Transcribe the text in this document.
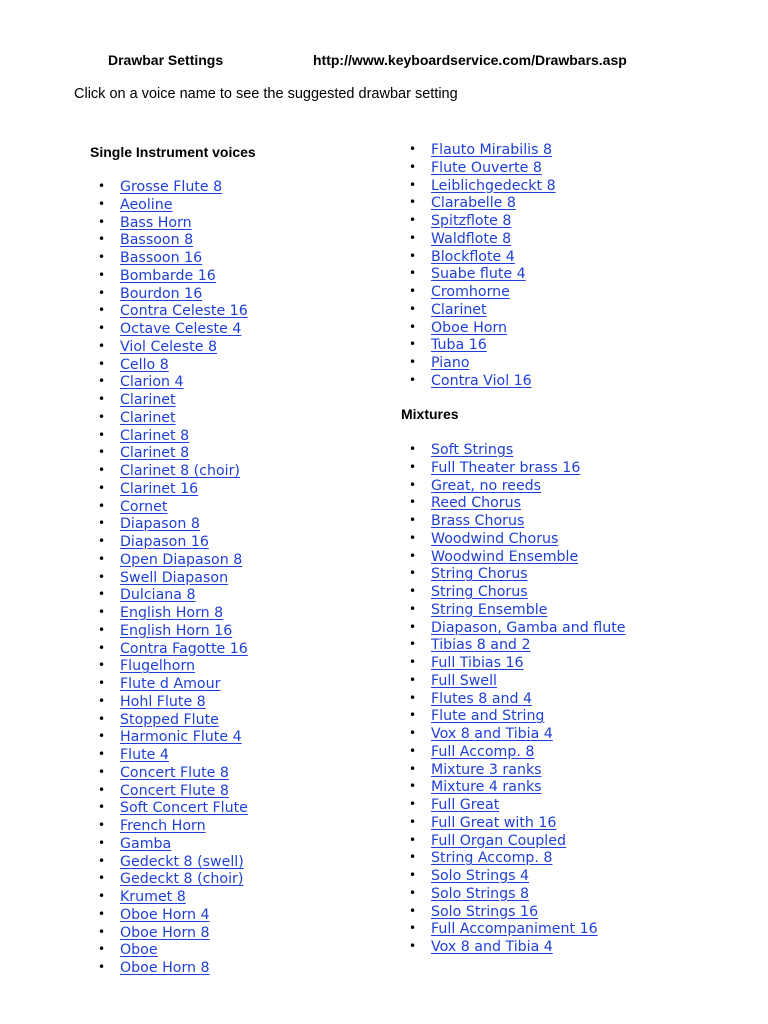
Drawbar Settings	http://www.keyboardservice.com/Drawbars.asp
Click on a voice name to see the suggested drawbar setting
Single Instrument voices
• Grosse Flute 8
• Aeoline
• Bass Horn
• Bassoon 8
• Bassoon 16
• Bombarde 16
• Bourdon 16
• Contra Celeste 16
• Octave Celeste 4
• Viol Celeste 8
• Cello 8
• Clarion 4
• Clarinet
• Clarinet
• Clarinet 8
• Clarinet 8
• Clarinet 8 (choir)
• Clarinet 16
• Cornet
• Diapason 8
• Diapason 16
• Open Diapason 8
• Swell Diapason
• Dulciana 8
• English Horn 8
• English Horn 16
• Contra Fagotte 16
• Flugelhorn
• Flute d Amour
• Hohl Flute 8
• Stopped Flute
• Harmonic Flute 4
• Flute 4
• Concert Flute 8
• Concert Flute 8
• Soft Concert Flute
• French Horn
• Gamba
• Gedeckt 8 (swell)
• Gedeckt 8 (choir)
• Krumet 8
• Oboe Horn 4
• Oboe Horn 8
• Oboe
• Oboe Horn 8
• Flauto Mirabilis 8
• Flute Ouverte 8
• Leiblichgedeckt 8
• Clarabelle 8
• Spitzflote 8
• Waldflote 8
• Blockflote 4
• Suabe flute 4
• Cromhorne
• Clarinet
• Oboe Horn
• Tuba 16
• Piano
• Contra Viol 16
Mixtures
• Soft Strings
• Full Theater brass 16
• Great, no reeds
• Reed Chorus
• Brass Chorus
• Woodwind Chorus
• Woodwind Ensemble
• String Chorus
• String Chorus
• String Ensemble
• Diapason, Gamba and flute
• Tibias 8 and 2
• Full Tibias 16
• Full Swell
• Flutes 8 and 4
• Flute and String
• Vox 8 and Tibia 4
• Full Accomp. 8
• Mixture 3 ranks
• Mixture 4 ranks
• Full Great
• Full Great with 16
• Full Organ Coupled
• String Accomp. 8
• Solo Strings 4
• Solo Strings 8
• Solo Strings 16
• Full Accompaniment 16
• Vox 8 and Tibia 4
